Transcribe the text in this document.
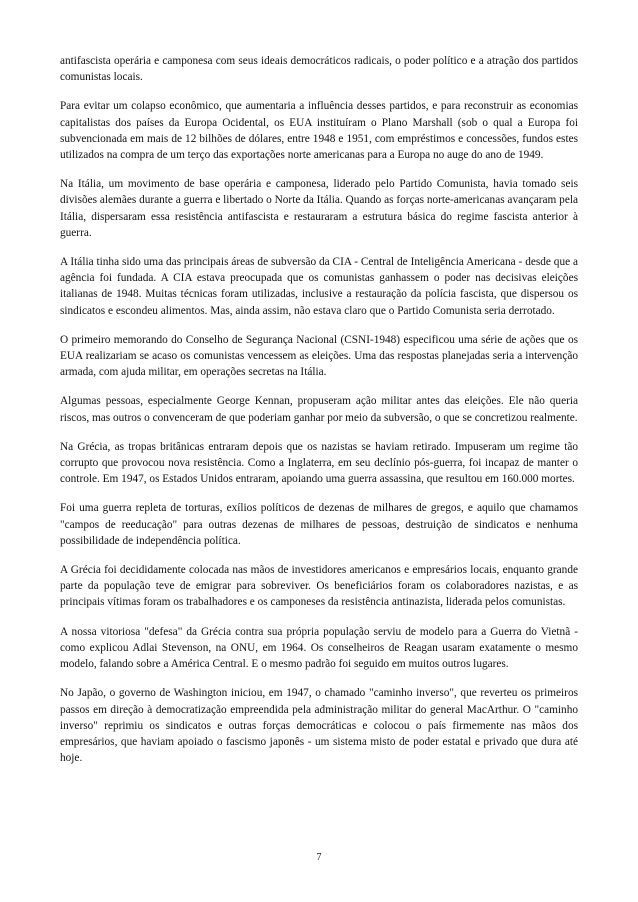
antifascista operária e camponesa com seus ideais democráticos radicais, o poder político e a atração dos partidos comunistas locais.

Para evitar um colapso econômico, que aumentaria a influência desses partidos, e para reconstruir as economias capitalistas dos países da Europa Ocidental, os EUA instituíram o Plano Marshall (sob o qual a Europa foi subvencionada em mais de 12 bilhões de dólares, entre 1948 e 1951, com empréstimos e concessões, fundos estes utilizados na compra de um terço das exportações norte americanas para a Europa no auge do ano de 1949.

Na Itália, um movimento de base operária e camponesa, liderado pelo Partido Comunista, havia tomado seis divisões alemães durante a guerra e libertado o Norte da Itália. Quando as forças norte-americanas avançaram pela Itália, dispersaram essa resistência antifascista e restauraram a estrutura básica do regime fascista anterior à guerra.

A Itália tinha sido uma das principais áreas de subversão da CIA - Central de Inteligência Americana - desde que a agência foi fundada. A CIA estava preocupada que os comunistas ganhassem o poder nas decisivas eleições italianas de 1948. Muitas técnicas foram utilizadas, inclusive a restauração da polícia fascista, que dispersou os sindicatos e escondeu alimentos. Mas, ainda assim, não estava claro que o Partido Comunista seria derrotado.

O primeiro memorando do Conselho de Segurança Nacional (CSNI-1948) especificou uma série de ações que os EUA realizariam se acaso os comunistas vencessem as eleições. Uma das respostas planejadas seria a intervenção armada, com ajuda militar, em operações secretas na Itália.

Algumas pessoas, especialmente George Kennan, propuseram ação militar antes das eleições. Ele não queria riscos, mas outros o convenceram de que poderiam ganhar por meio da subversão, o que se concretizou realmente.

Na Grécia, as tropas britânicas entraram depois que os nazistas se haviam retirado. Impuseram um regime tão corrupto que provocou nova resistência. Como a Inglaterra, em seu declínio pós-guerra, foi incapaz de manter o controle. Em 1947, os Estados Unidos entraram, apoiando uma guerra assassina, que resultou em 160.000 mortes.

Foi uma guerra repleta de torturas, exílios políticos de dezenas de milhares de gregos, e aquilo que chamamos "campos de reeducação" para outras dezenas de milhares de pessoas, destruição de sindicatos e nenhuma possibilidade de independência política.

A Grécia foi decididamente colocada nas mãos de investidores americanos e empresários locais, enquanto grande parte da população teve de emigrar para sobreviver. Os beneficiários foram os colaboradores nazistas, e as principais vítimas foram os trabalhadores e os camponeses da resistência antinazista, liderada pelos comunistas.

A nossa vitoriosa "defesa" da Grécia contra sua própria população serviu de modelo para a Guerra do Vietnã - como explicou Adlai Stevenson, na ONU, em 1964. Os conselheiros de Reagan usaram exatamente o mesmo modelo, falando sobre a América Central. E o mesmo padrão foi seguido em muitos outros lugares.

No Japão, o governo de Washington iniciou, em 1947, o chamado "caminho inverso", que reverteu os primeiros passos em direção à democratização empreendida pela administração militar do general MacArthur. O "caminho inverso" reprimiu os sindicatos e outras forças democráticas e colocou o país firmemente nas mãos dos empresários, que haviam apoiado o fascismo japonês - um sistema misto de poder estatal e privado que dura até hoje.

7
